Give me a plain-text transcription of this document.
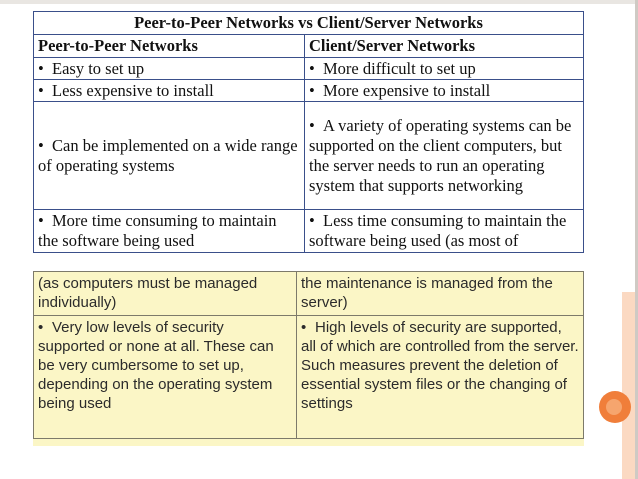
Peer-to-Peer Networks vs Client/Server Networks	
Peer-to-Peer Networks	Client/Server Networks
• Easy to set up	• More difficult to set up
• Less expensive to install	• More expensive to install
• Can be implemented on a wide range of operating systems	• A variety of operating systems can be supported on the client computers, but the server needs to run an operating system that supports networking
• More time consuming to maintain the software being used	• Less time consuming to maintain the software being used (as most of
(as computers must be managed individually)	the maintenance is managed from the server)
• Very low levels of security supported or none at all. These can be very cumbersome to set up, depending on the operating system being used	• High levels of security are supported, all of which are controlled from the server. Such measures prevent the deletion of essential system files or the changing of settings
